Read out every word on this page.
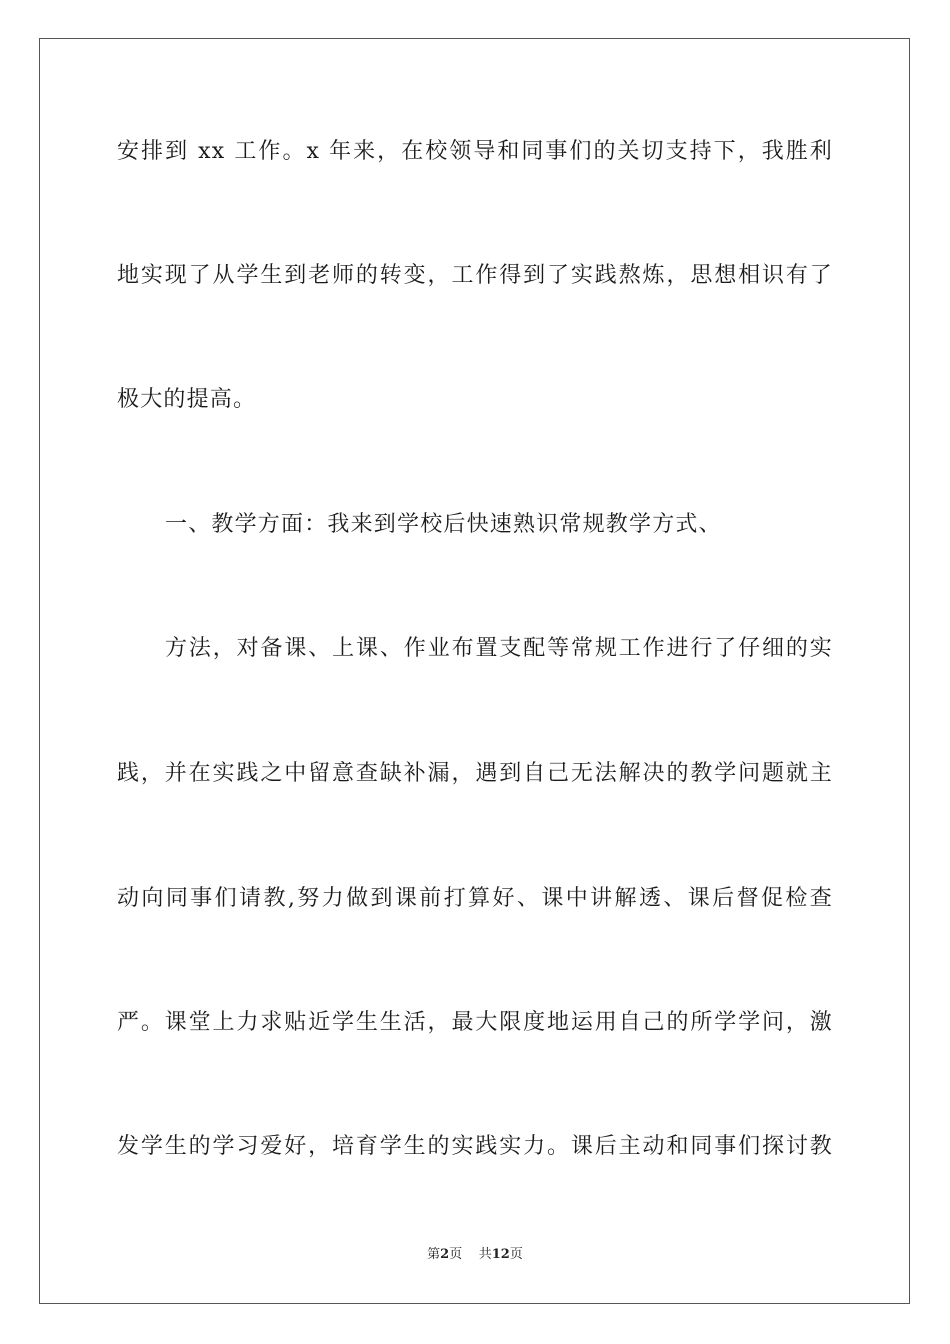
安排到 xx 工作。x 年来，在校领导和同事们的关切支持下，我胜利
地实现了从学生到老师的转变，工作得到了实践熬炼，思想相识有了
极大的提高。
一、教学方面：我来到学校后快速熟识常规教学方式、
方法，对备课、上课、作业布置支配等常规工作进行了仔细的实
践，并在实践之中留意查缺补漏，遇到自己无法解决的教学问题就主
动向同事们请教,努力做到课前打算好、课中讲解透、课后督促检查
严。课堂上力求贴近学生生活，最大限度地运用自己的所学学问，激
发学生的学习爱好，培育学生的实践实力。课后主动和同事们探讨教
第2页 共12页
